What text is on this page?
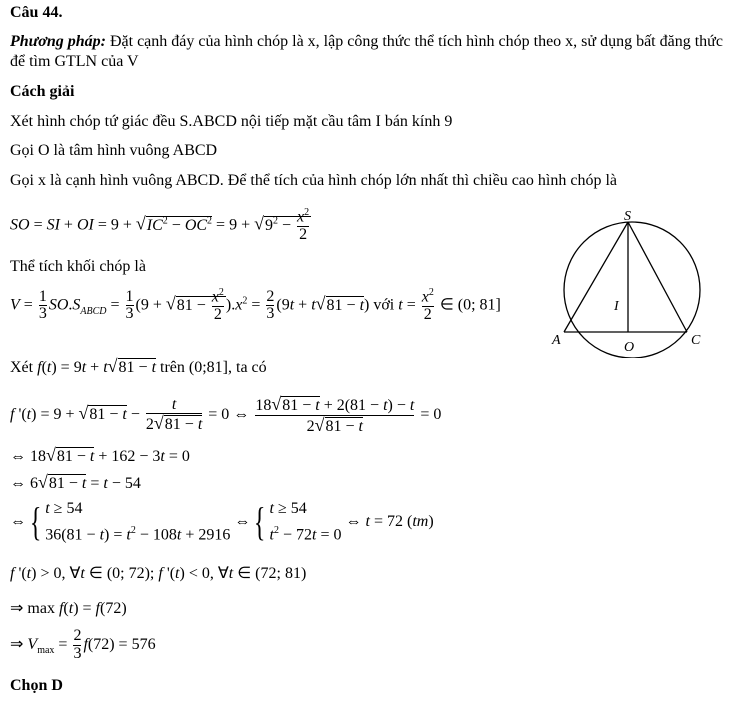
Câu 44.
Phương pháp: Đặt cạnh đáy của hình chóp là x, lập công thức thể tích hình chóp theo x, sử dụng bất đăng thức
để tìm GTLN của V
Cách giải
Xét hình chóp tứ giác đều S.ABCD nội tiếp mặt cầu tâm I bán kính 9
Gọi O là tâm hình vuông ABCD
Gọi x là cạnh hình vuông ABCD. Để thể tích của hình chóp lớn nhất thì chiều cao hình chóp là
SO = SI + OI = $9 + √IC^2 - OC^2 = 9 + √9^2 - \frac{x^2}{2}$
Thể tích khối chóp là
$V = \frac{1}{3} SO.S_{ABCD} = \frac{1}{3} (9 + √81 - \frac{x^2}{2} ).x^2 = \frac{2}{3} (9t + t√81 - t)$ với $t = \frac{x^2}{2}$ ∈ (0; 81]
Xét f(t) = 9t + t√81 − t trên (0;81], ta có
f '$(t) = 9 + √81 - t - \frac{t}{2√81 - t} = 0$ ⇔ $\frac{18√81 - t + 2(81 - t) - t}{2√81 - t} = 0$
⇔ 18√81 − t + 162 − 3t = 0
⇔ 6√81 − t = t − 54
⇔{ t ≥ 54
$36(81 - t) = t^2 - 108t + 2916$ ⇔{ t ≥ 54
$t^2 - 72t = 0$ ⇔ t = 72 (tm)
f '(t) > 0, ∀t ∈ (0; 72); f '(t) < 0, ∀t ∈ (72; 81)
⇒ max f(t) = f(72)
⇒ $V_{max} = \frac{2}{3} f(72) = 576$
Chọn D
S
I
A	O	C
